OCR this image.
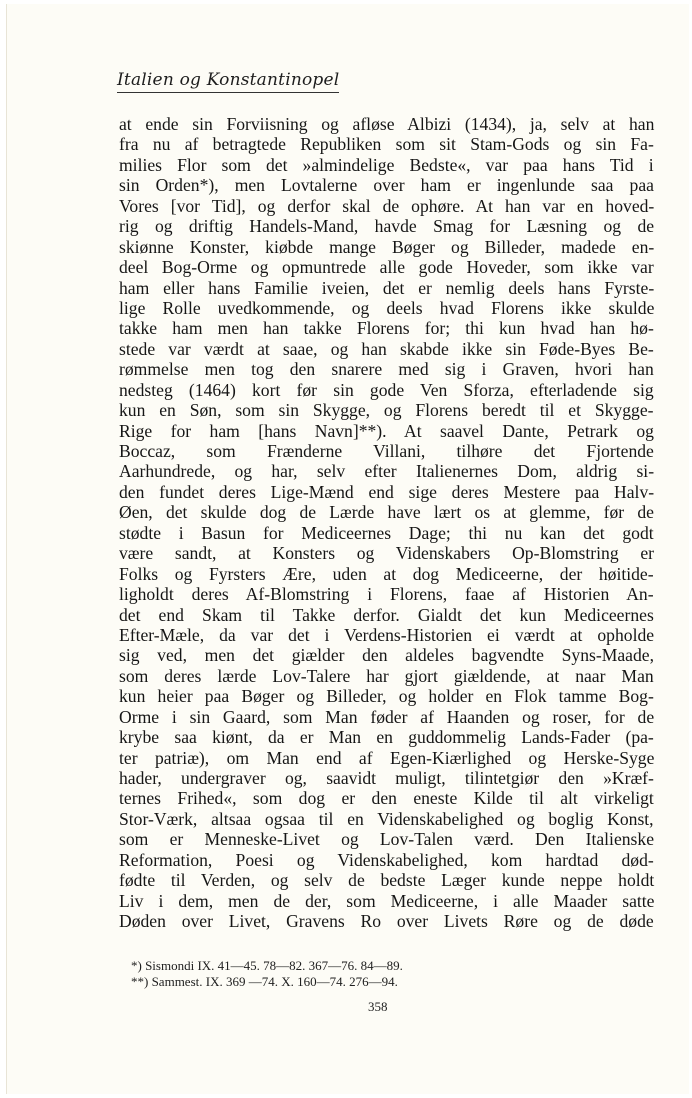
Italien og Konstantinopel
at ende sin Forviisning og afløse Albizi (1434), ja, selv at han
fra nu af betragtede Republiken som sit Stam-Gods og sin Fa-
milies Flor som det »almindelige Bedste«, var paa hans Tid i
sin Orden*), men Lovtalerne over ham er ingenlunde saa paa
Vores [vor Tid], og derfor skal de ophøre. At han var en hoved-
rig og driftig Handels-Mand, havde Smag for Læsning og de
skiønne Konster, kiøbde mange Bøger og Billeder, madede en-
deel Bog-Orme og opmuntrede alle gode Hoveder, som ikke var
ham eller hans Familie iveien, det er nemlig deels hans Fyrste-
lige Rolle uvedkommende, og deels hvad Florens ikke skulde
takke ham men han takke Florens for; thi kun hvad han hø-
stede var værdt at saae, og han skabde ikke sin Føde-Byes Be-
rømmelse men tog den snarere med sig i Graven, hvori han
nedsteg (1464) kort før sin gode Ven Sforza, efterladende sig
kun en Søn, som sin Skygge, og Florens beredt til et Skygge-
Rige for ham [hans Navn]**). At saavel Dante, Petrark og
Boccaz, som Frænderne Villani, tilhøre det Fjortende
Aarhundrede, og har, selv efter Italienernes Dom, aldrig si-
den fundet deres Lige-Mænd end sige deres Mestere paa Halv-
Øen, det skulde dog de Lærde have lært os at glemme, før de
stødte i Basun for Mediceernes Dage; thi nu kan det godt
være sandt, at Konsters og Videnskabers Op-Blomstring er
Folks og Fyrsters Ære, uden at dog Mediceerne, der høitide-
ligholdt deres Af-Blomstring i Florens, faae af Historien An-
det end Skam til Takke derfor. Gialdt det kun Mediceernes
Efter-Mæle, da var det i Verdens-Historien ei værdt at opholde
sig ved, men det giælder den aldeles bagvendte Syns-Maade,
som deres lærde Lov-Talere har gjort giældende, at naar Man
kun heier paa Bøger og Billeder, og holder en Flok tamme Bog-
Orme i sin Gaard, som Man føder af Haanden og roser, for de
krybe saa kiønt, da er Man en guddommelig Lands-Fader (pa-
ter patriæ), om Man end af Egen-Kiærlighed og Herske-Syge
hader, undergraver og, saavidt muligt, tilintetgiør den »Kræf-
ternes Frihed«, som dog er den eneste Kilde til alt virkeligt
Stor-Værk, altsaa ogsaa til en Videnskabelighed og boglig Konst,
som er Menneske-Livet og Lov-Talen værd. Den Italienske
Reformation, Poesi og Videnskabelighed, kom hardtad død-
fødte til Verden, og selv de bedste Læger kunde neppe holdt
Liv i dem, men de der, som Mediceerne, i alle Maader satte
Døden over Livet, Gravens Ro over Livets Røre og de døde
*) Sismondi IX. 41—45. 78—82. 367—76. 84—89.
**) Sammest. IX. 369 —74. X. 160—74. 276—94.
358
